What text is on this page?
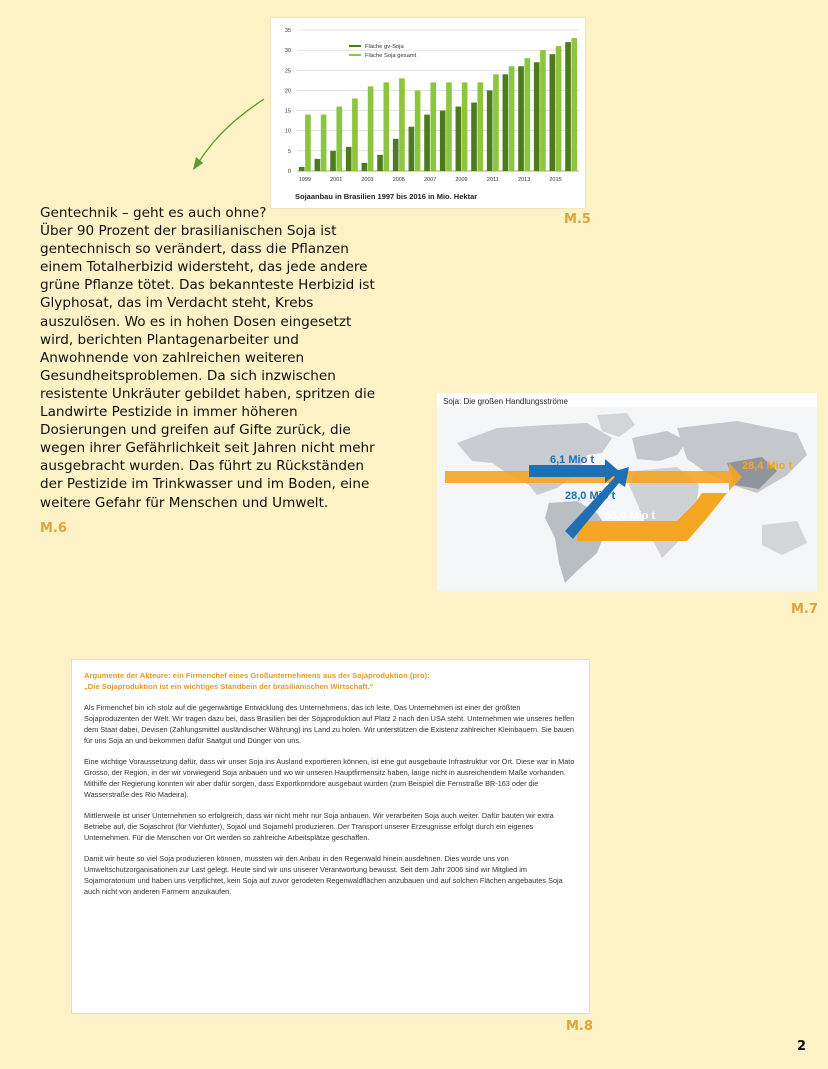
0
5
10
15
20
25
30
35
1999	2001	2003	2005	2007	2009	2011	2013	2015
Fläche gv-Soja
Fläche Soja gesamt
Sojaanbau in Brasilien 1997 bis 2016 in Mio. Hektar
M.5

Gentechnik – geht es auch ohne?

Über 90 Prozent der brasilianischen Soja ist gentechnisch so verändert, dass die Pflanzen einem Totalherbizid widersteht, das jede andere grüne Pflanze tötet. Das bekannteste Herbizid ist Glyphosat, das im Verdacht steht, Krebs auszulösen. Wo es in hohen Dosen eingesetzt wird, berichten Plantagenarbeiter und Anwohnende von zahlreichen weiteren Gesundheitsproblemen. Da sich inzwischen resistente Unkräuter gebildet haben, spritzen die Landwirte Pestizide in immer höheren Dosierungen und greifen auf Gifte zurück, die wegen ihrer Gefährlichkeit seit Jahren nicht mehr ausgebracht wurden. Das führt zu Rückständen der Pestizide im Trinkwasser und im Boden, eine weitere Gefahr für Menschen und Umwelt.

M.6
Soja: Die großen Handlungsströme
6,1 Mio t
28,0 Mio t
53,0 Mio t
28,4 Mio t
M.7
Argumente der Akteure: ein Firmenchef eines Großunternehmens aus der Sojaproduktion (pro):
„Die Sojaproduktion ist ein wichtiges Standbein der brasilianischen Wirtschaft.“

Als Firmenchef bin ich stolz auf die gegenwärtige Entwicklung des Unternehmens, das ich leite. Das Unternehmen ist einer der größten Sojaproduzenten der Welt. Wir tragen dazu bei, dass Brasilien bei der Sojaproduktion auf Platz 2 nach den USA steht. Unternehmen wie unseres helfen dem Staat dabei, Devisen (Zahlungsmittel ausländischer Währung) ins Land zu holen. Wir unterstützen die Existenz zahlreicher Kleinbauern. Sie bauen für uns Soja an und bekommen dafür Saatgut und Dünger von uns.

Eine wichtige Voraussetzung dafür, dass wir unser Soja ins Ausland exportieren können, ist eine gut ausgebaute Infrastruktur vor Ort. Diese war in Mato Grosso, der Region, in der wir vorwiegend Soja anbauen und wo wir unseren Hauptfirmensitz haben, lange nicht in ausreichendem Maße vorhanden. Mithilfe der Regierung konnten wir aber dafür sorgen, dass Exportkorridore ausgebaut wurden (zum Beispiel die Fernstraße BR-163 oder die Wasserstraße des Rio Madeira).

Mittlerweile ist unser Unternehmen so erfolgreich, dass wir nicht mehr nur Soja anbauen. Wir verarbeiten Soja auch weiter. Dafür bauten wir extra Betriebe auf, die Sojaschrot (für Viehfutter), Sojaöl und Sojamehl produzieren. Der Transport unserer Erzeugnisse erfolgt durch ein eigenes Unternehmen. Für die Menschen vor Ort werden so zahlreiche Arbeitsplätze geschaffen.

Damit wir heute so viel Soja produzieren können, mussten wir den Anbau in den Regenwald hinein ausdehnen. Dies wurde uns von Umweltschutzorganisationen zur Last gelegt. Heute sind wir uns unserer Verantwortung bewusst. Seit dem Jahr 2006 sind wir Mitglied im Sojamoratorium und haben uns verpflichtet, kein Soja auf zuvor gerodeten Regenwaldflächen anzubauen und auf solchen Flächen angebautes Soja auch nicht von anderen Farmern anzukaufen.

M.8
2
